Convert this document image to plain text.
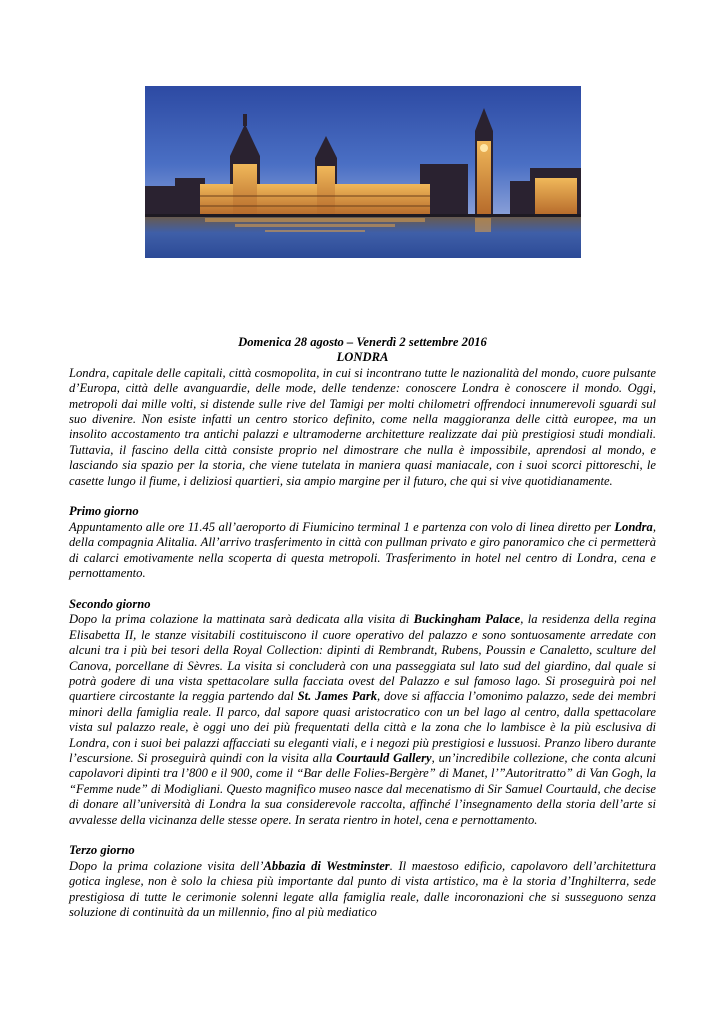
Domenica 28 agosto – Venerdì 2 settembre 2016
LONDRA

Londra, capitale delle capitali, città cosmopolita, in cui si incontrano tutte le nazionalità del mondo, cuore pulsante d’Europa, città delle avanguardie, delle mode, delle tendenze: conoscere Londra è conoscere il mondo. Oggi, metropoli dai mille volti, si distende sulle rive del Tamigi per molti chilometri offrendoci innumerevoli sguardi sul suo divenire. Non esiste infatti un centro storico definito, come nella maggioranza delle città europee, ma un insolito accostamento tra antichi palazzi e ultramoderne architetture realizzate dai più prestigiosi studi mondiali. Tuttavia, il fascino della città consiste proprio nel dimostrare che nulla è impossibile, aprendosi al mondo, e lasciando sia spazio per la storia, che viene tutelata in maniera quasi maniacale, con i suoi scorci pittoreschi, le casette lungo il fiume, i deliziosi quartieri, sia ampio margine per il futuro, che qui si vive quotidianamente.

Primo giorno

Appuntamento alle ore 11.45 all’aeroporto di Fiumicino terminal 1 e partenza con volo di linea diretto per Londra, della compagnia Alitalia. All’arrivo trasferimento in città con pullman privato e giro panoramico che ci permetterà di calarci emotivamente nella scoperta di questa metropoli. Trasferimento in hotel nel centro di Londra, cena e pernottamento.

Secondo giorno

Dopo la prima colazione la mattinata sarà dedicata alla visita di Buckingham Palace, la residenza della regina Elisabetta II, le stanze visitabili costituiscono il cuore operativo del palazzo e sono sontuosamente arredate con alcuni tra i più bei tesori della Royal Collection: dipinti di Rembrandt, Rubens, Poussin e Canaletto, sculture del Canova, porcellane di Sèvres. La visita si concluderà con una passeggiata sul lato sud del giardino, dal quale si potrà godere di una vista spettacolare sulla facciata ovest del Palazzo e sul famoso lago. Si proseguirà poi nel quartiere circostante la reggia partendo dal St. James Park, dove si affaccia l’omonimo palazzo, sede dei membri minori della famiglia reale. Il parco, dal sapore quasi aristocratico con un bel lago al centro, dalla spettacolare vista sul palazzo reale, è oggi uno dei più frequentati della città e la zona che lo lambisce è la più esclusiva di Londra, con i suoi bei palazzi affacciati su eleganti viali, e i negozi più prestigiosi e lussuosi. Pranzo libero durante l’escursione. Si proseguirà quindi con la visita alla Courtauld Gallery, un’incredibile collezione, che conta alcuni capolavori dipinti tra l’800 e il 900, come il “Bar delle Folies-Bergère” di Manet, l’”Autoritratto” di Van Gogh, la “Femme nude” di Modigliani. Questo magnifico museo nasce dal mecenatismo di Sir Samuel Courtauld, che decise di donare all’università di Londra la sua considerevole raccolta, affinché l’insegnamento della storia dell’arte si avvalesse della vicinanza delle stesse opere. In serata rientro in hotel, cena e pernottamento.

Terzo giorno

Dopo la prima colazione visita dell’Abbazia di Westminster. Il maestoso edificio, capolavoro dell’architettura gotica inglese, non è solo la chiesa più importante dal punto di vista artistico, ma è la storia d’Inghilterra, sede prestigiosa di tutte le cerimonie solenni legate alla famiglia reale, dalle incoronazioni che si susseguono senza soluzione di continuità da un millennio, fino al più mediatico
